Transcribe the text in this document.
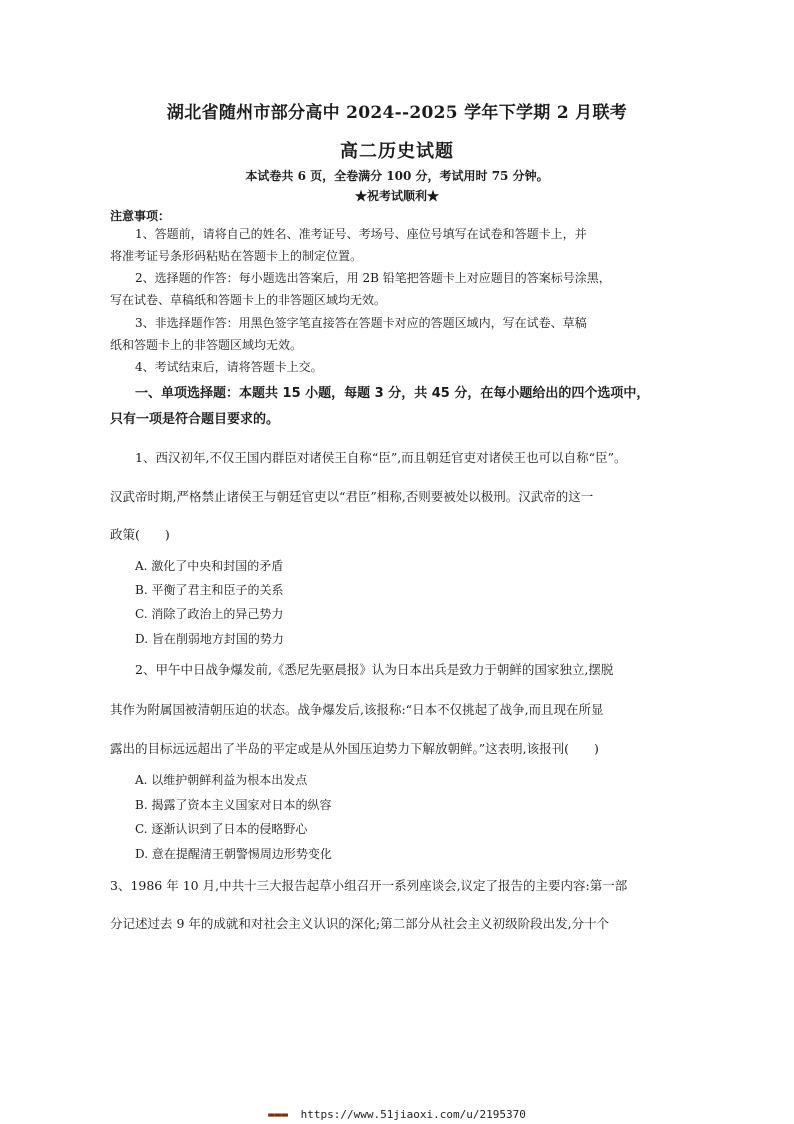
湖北省随州市部分高中 2024--2025 学年下学期 2 月联考
高二历史试题
本试卷共 6 页，全卷满分 100 分，考试用时 75 分钟。
★祝考试顺利★
注意事项：
1、答题前，请将自己的姓名、准考证号、考场号、座位号填写在试卷和答题卡上，并
将准考证号条形码粘贴在答题卡上的制定位置。
2、选择题的作答：每小题选出答案后，用 2B 铅笔把答题卡上对应题目的答案标号涂黑，
写在试卷、草稿纸和答题卡上的非答题区域均无效。
3、非选择题作答：用黑色签字笔直接答在答题卡对应的答题区域内，写在试卷、草稿
纸和答题卡上的非答题区域均无效。
4、考试结束后，请将答题卡上交。
一、单项选择题：本题共 15 小题，每题 3 分，共 45 分，在每小题给出的四个选项中，
只有一项是符合题目要求的。
1、西汉初年,不仅王国内群臣对诸侯王自称“臣”,而且朝廷官吏对诸侯王也可以自称“臣”。
汉武帝时期,严格禁止诸侯王与朝廷官吏以“君臣”相称,否则要被处以极刑。汉武帝的这一
政策(　　)
A. 激化了中央和封国的矛盾
B. 平衡了君主和臣子的关系
C. 消除了政治上的异己势力
D. 旨在削弱地方封国的势力
2、甲午中日战争爆发前,《悉尼先驱晨报》认为日本出兵是致力于朝鲜的国家独立,摆脱
其作为附属国被清朝压迫的状态。战争爆发后,该报称:“日本不仅挑起了战争,而且现在所显
露出的目标远远超出了半岛的平定或是从外国压迫势力下解放朝鲜。”这表明,该报刊(　　)
A. 以维护朝鲜利益为根本出发点
B. 揭露了资本主义国家对日本的纵容
C. 逐渐认识到了日本的侵略野心
D. 意在提醒清王朝警惕周边形势变化
3、1986 年 10 月,中共十三大报告起草小组召开一系列座谈会,议定了报告的主要内容:第一部
分记述过去 9 年的成就和对社会主义认识的深化;第二部分从社会主义初级阶段出发,分十个
▬▬▬ https://www.51jiaoxi.com/u/2195370
